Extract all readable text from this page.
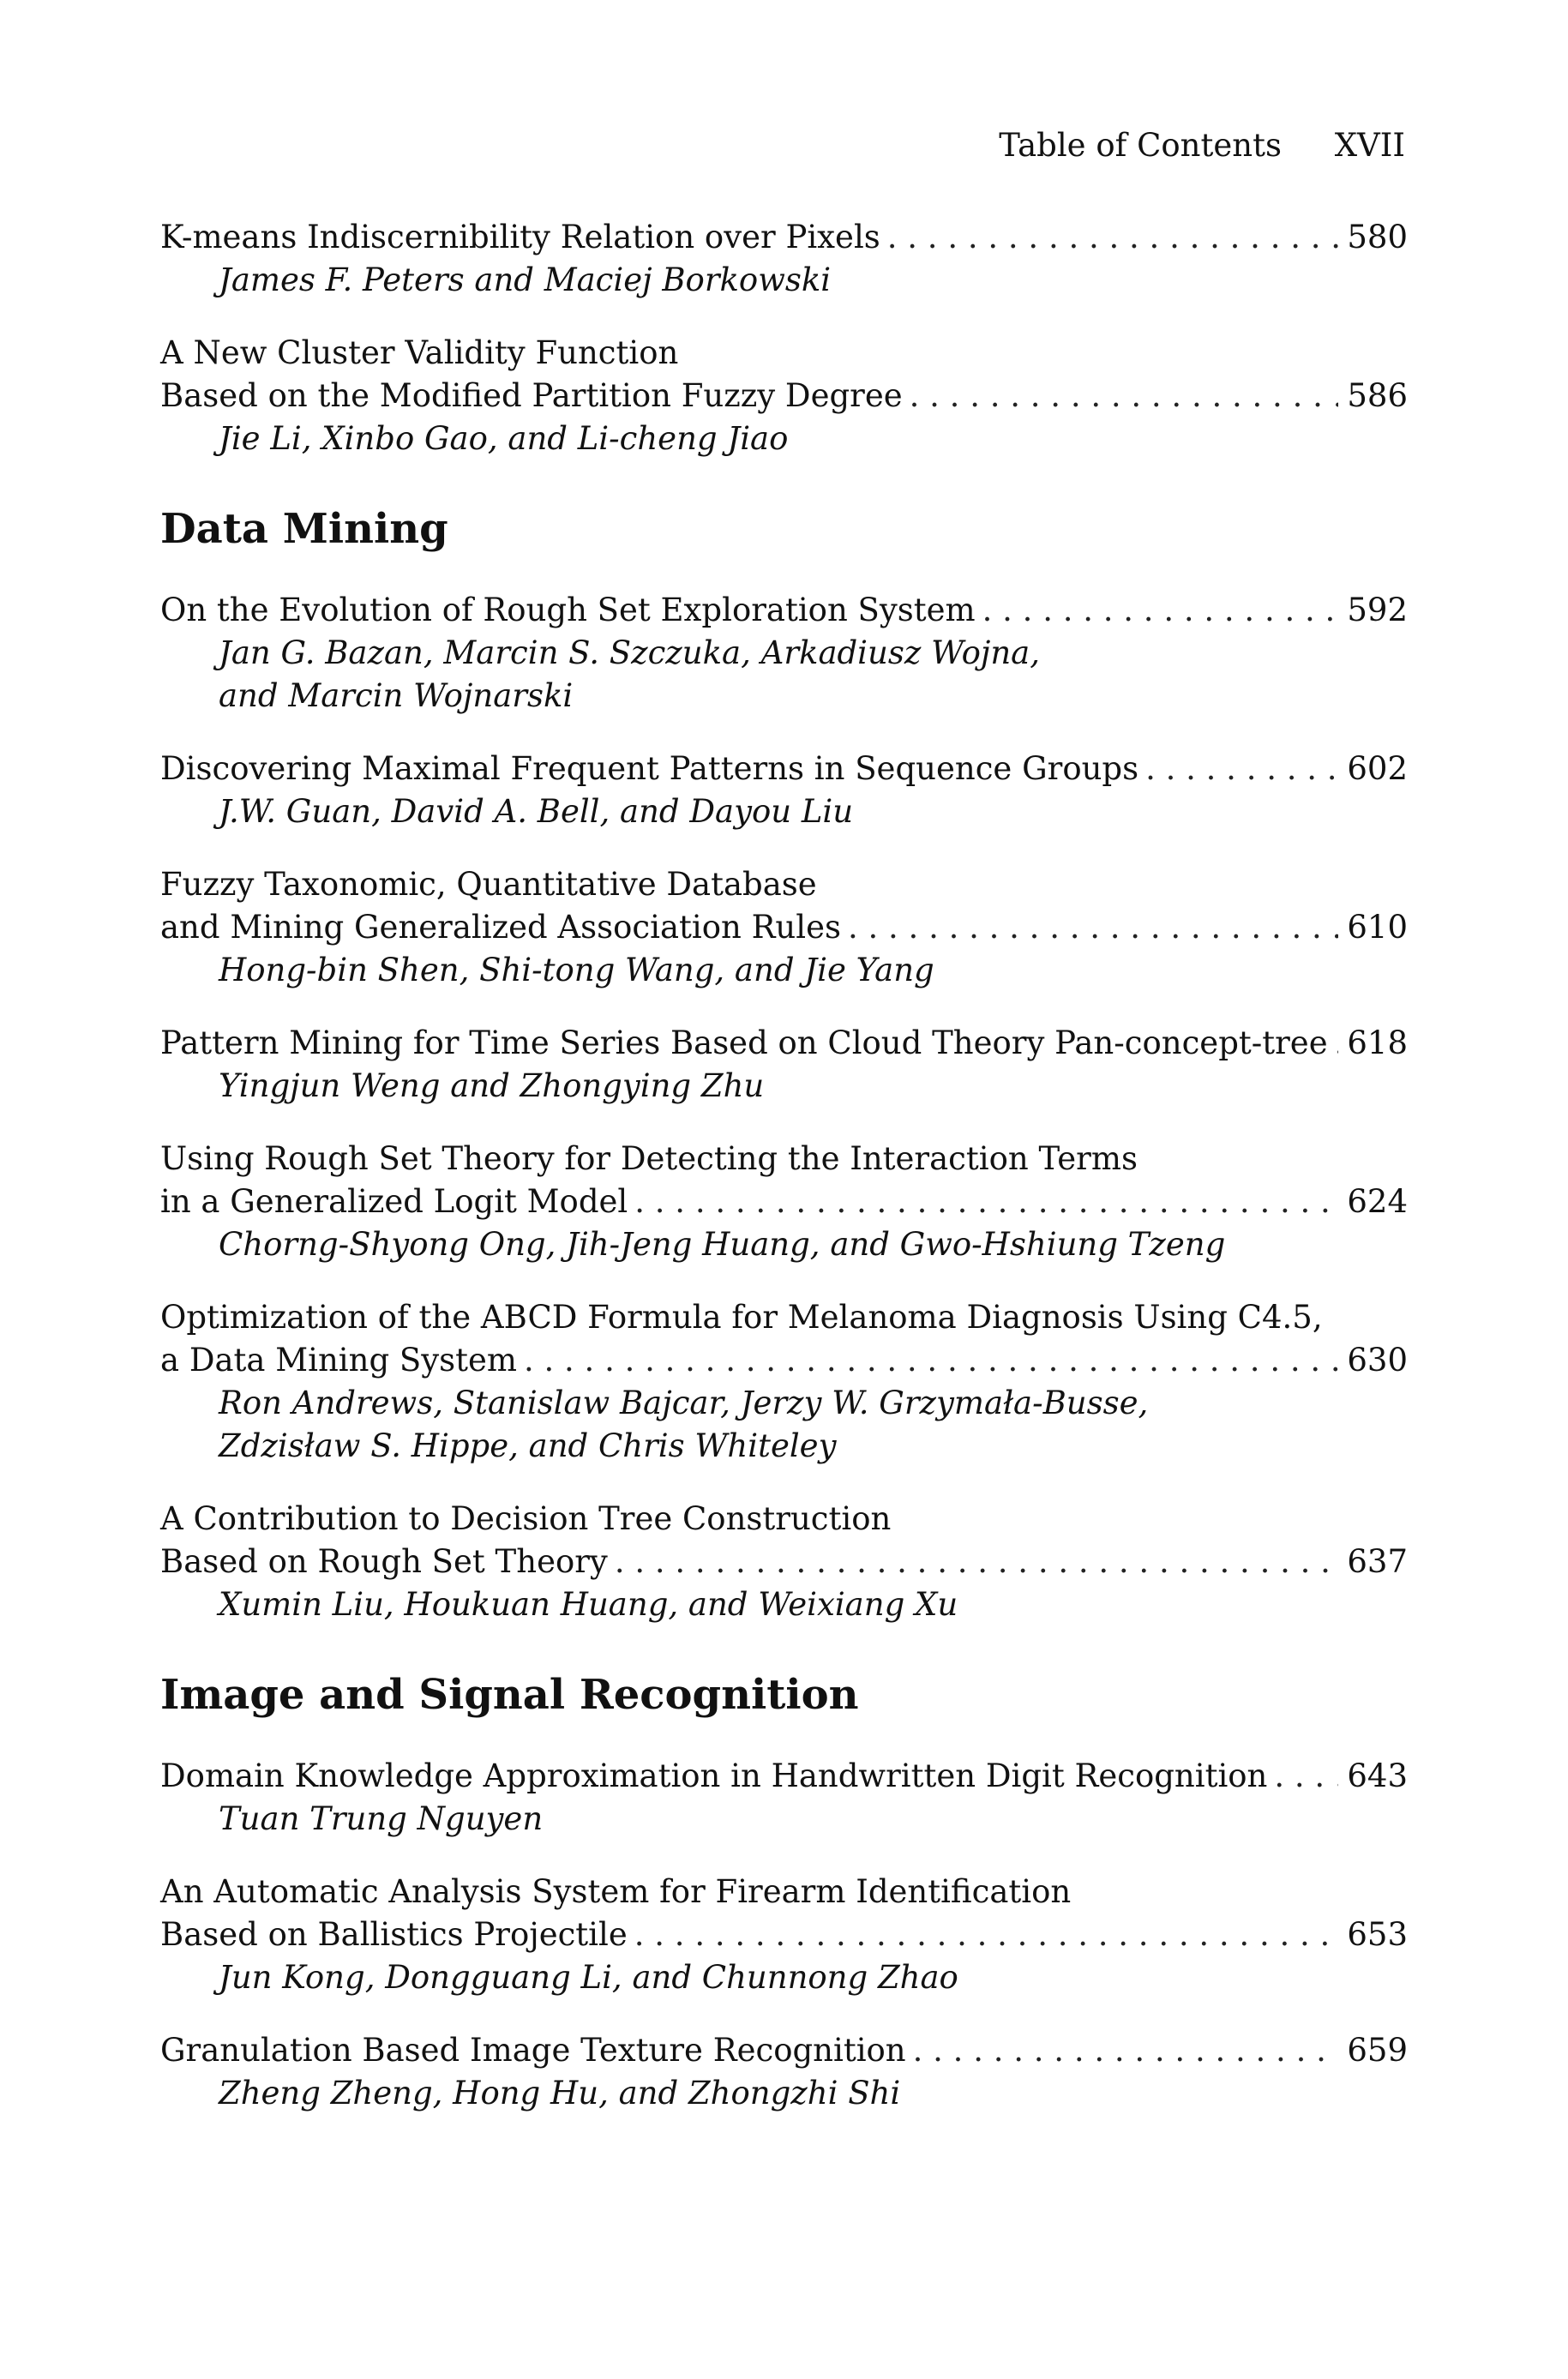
Table of Contents XVII
K-means Indiscernibility Relation over Pixels . . .	580
James F. Peters and Maciej Borkowski
A New Cluster Validity Function
Based on the Modified Partition Fuzzy Degree . . .	586
Jie Li, Xinbo Gao, and Li-cheng Jiao
Data Mining
On the Evolution of Rough Set Exploration System . . .	592
Jan G. Bazan, Marcin S. Szczuka, Arkadiusz Wojna,
and Marcin Wojnarski
Discovering Maximal Frequent Patterns in Sequence Groups . . .	602
J.W. Guan, David A. Bell, and Dayou Liu
Fuzzy Taxonomic, Quantitative Database
and Mining Generalized Association Rules . . .	610
Hong-bin Shen, Shi-tong Wang, and Jie Yang
Pattern Mining for Time Series Based on Cloud Theory Pan-concept-tree . . . 618
Yingjun Weng and Zhongying Zhu
Using Rough Set Theory for Detecting the Interaction Terms
in a Generalized Logit Model . . .	624
Chorng-Shyong Ong, Jih-Jeng Huang, and Gwo-Hshiung Tzeng
Optimization of the ABCD Formula for Melanoma Diagnosis Using C4.5,
a Data Mining System . . .	630
Ron Andrews, Stanislaw Bajcar, Jerzy W. Grzymała-Busse,
Zdzisław S. Hippe, and Chris Whiteley
A Contribution to Decision Tree Construction
Based on Rough Set Theory . . .	637
Xumin Liu, Houkuan Huang, and Weixiang Xu
Image and Signal Recognition
Domain Knowledge Approximation in Handwritten Digit Recognition . . .	643
Tuan Trung Nguyen
An Automatic Analysis System for Firearm Identification
Based on Ballistics Projectile . . .	653
Jun Kong, Dongguang Li, and Chunnong Zhao
Granulation Based Image Texture Recognition . . .	659
Zheng Zheng, Hong Hu, and Zhongzhi Shi
